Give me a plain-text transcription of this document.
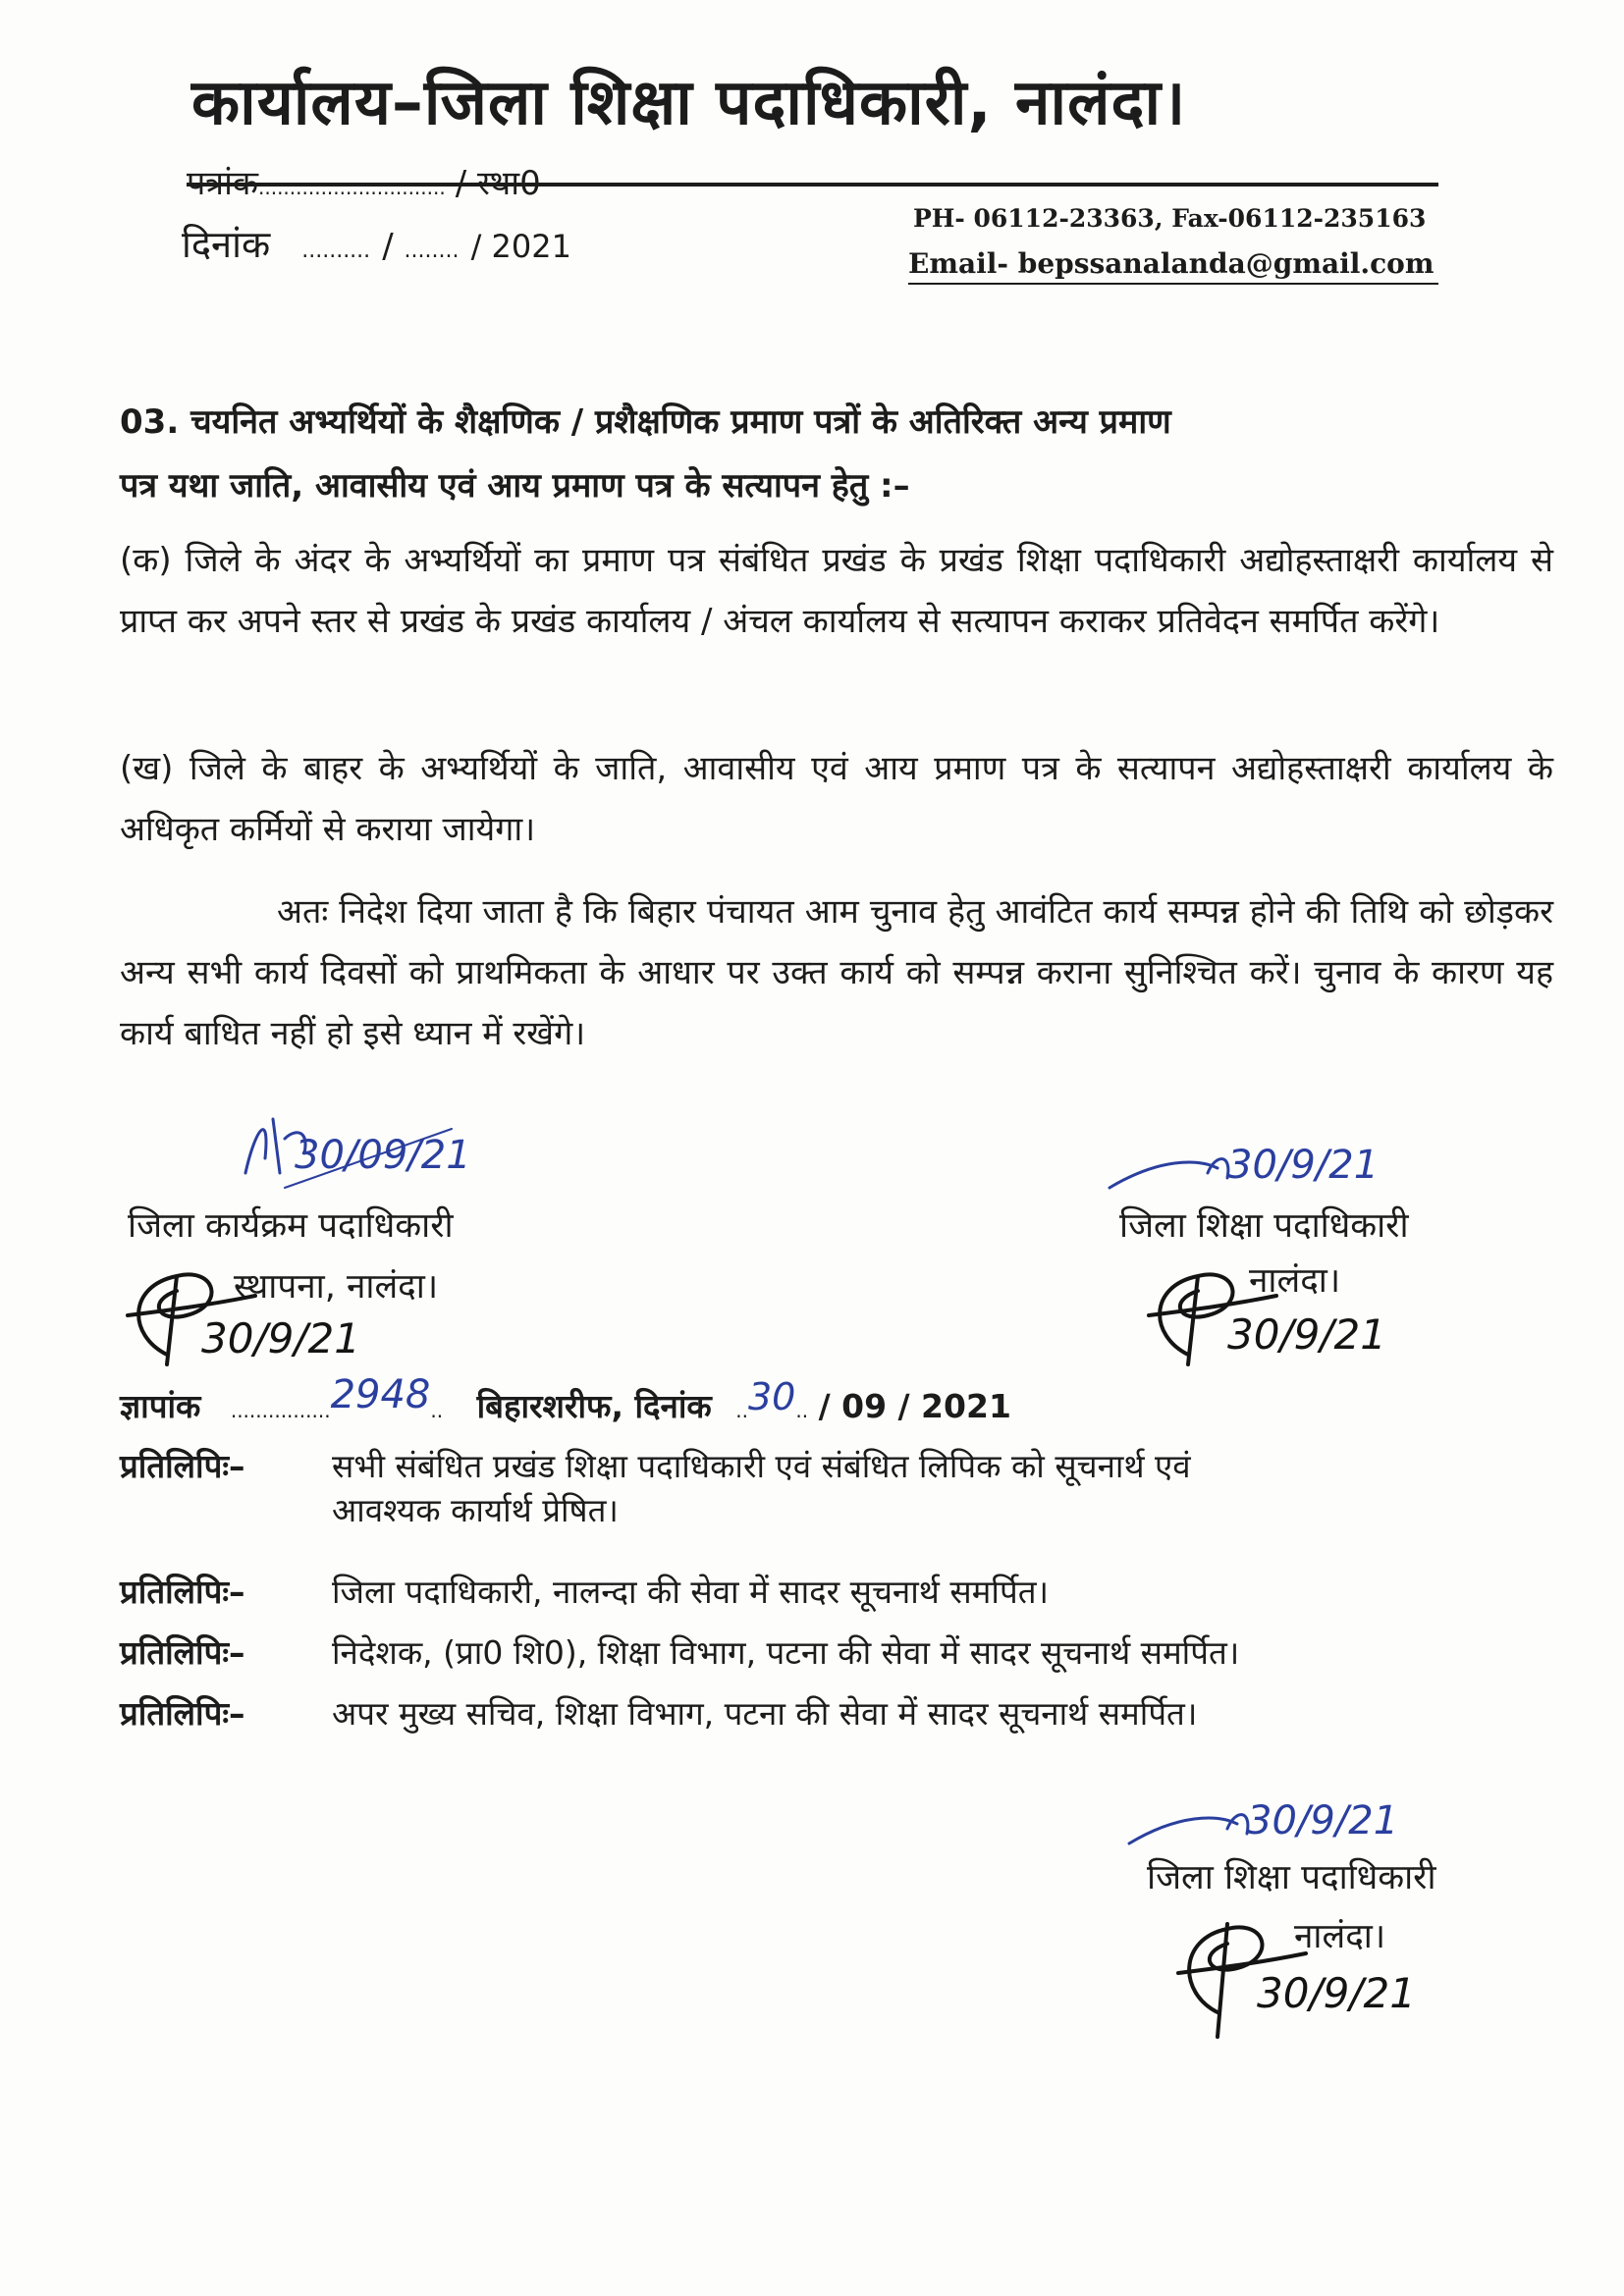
कार्यालय–जिला शिक्षा पदाधिकारी, नालंदा।
पत्रांक.............................. / स्था0
दिनांक .......... / ........ / 2021
PH- 06112-23363, Fax-06112-235163
Email- bepssanalanda@gmail.com
03. चयनित अभ्यर्थियों के शैक्षणिक / प्रशैक्षणिक प्रमाण पत्रों के अतिरिक्त अन्य प्रमाण
पत्र यथा जाति, आवासीय एवं आय प्रमाण पत्र के सत्यापन हेतु :–

(क) जिले के अंदर के अभ्यर्थियों का प्रमाण पत्र संबंधित प्रखंड के प्रखंड शिक्षा पदाधिकारी अद्योहस्ताक्षरी कार्यालय से प्राप्त कर अपने स्तर से प्रखंड के प्रखंड कार्यालय / अंचल कार्यालय से सत्यापन कराकर प्रतिवेदन समर्पित करेंगे।

(ख) जिले के बाहर के अभ्यर्थियों के जाति, आवासीय एवं आय प्रमाण पत्र के सत्यापन अद्योहस्ताक्षरी कार्यालय के अधिकृत कर्मियों से कराया जायेगा।

अतः निदेश दिया जाता है कि बिहार पंचायत आम चुनाव हेतु आवंटित कार्य सम्पन्न होने की तिथि को छोड़कर अन्य सभी कार्य दिवसों को प्राथमिकता के आधार पर उक्त कार्य को सम्पन्न कराना सुनिश्चित करें। चुनाव के कारण यह कार्य बाधित नहीं हो इसे ध्यान में रखेंगे।

30/09/21
जिला कार्यक्रम पदाधिकारी
स्थापना, नालंदा।
30/9/21
30/9/21
जिला शिक्षा पदाधिकारी
नालंदा।
30/9/21
ज्ञापांक ................2948.. बिहारशरीफ, दिनांक ..30.. / 09 / 2021
प्रतिलिपिः–	सभी संबंधित प्रखंड शिक्षा पदाधिकारी एवं संबंधित लिपिक को सूचनार्थ एवं
आवश्यक कार्यार्थ प्रेषित।
प्रतिलिपिः–	जिला पदाधिकारी, नालन्दा की सेवा में सादर सूचनार्थ समर्पित।
प्रतिलिपिः–	निदेशक, (प्रा0 शि0), शिक्षा विभाग, पटना की सेवा में सादर सूचनार्थ समर्पित।
प्रतिलिपिः–	अपर मुख्य सचिव, शिक्षा विभाग, पटना की सेवा में सादर सूचनार्थ समर्पित।
30/9/21
जिला शिक्षा पदाधिकारी
नालंदा।
30/9/21
